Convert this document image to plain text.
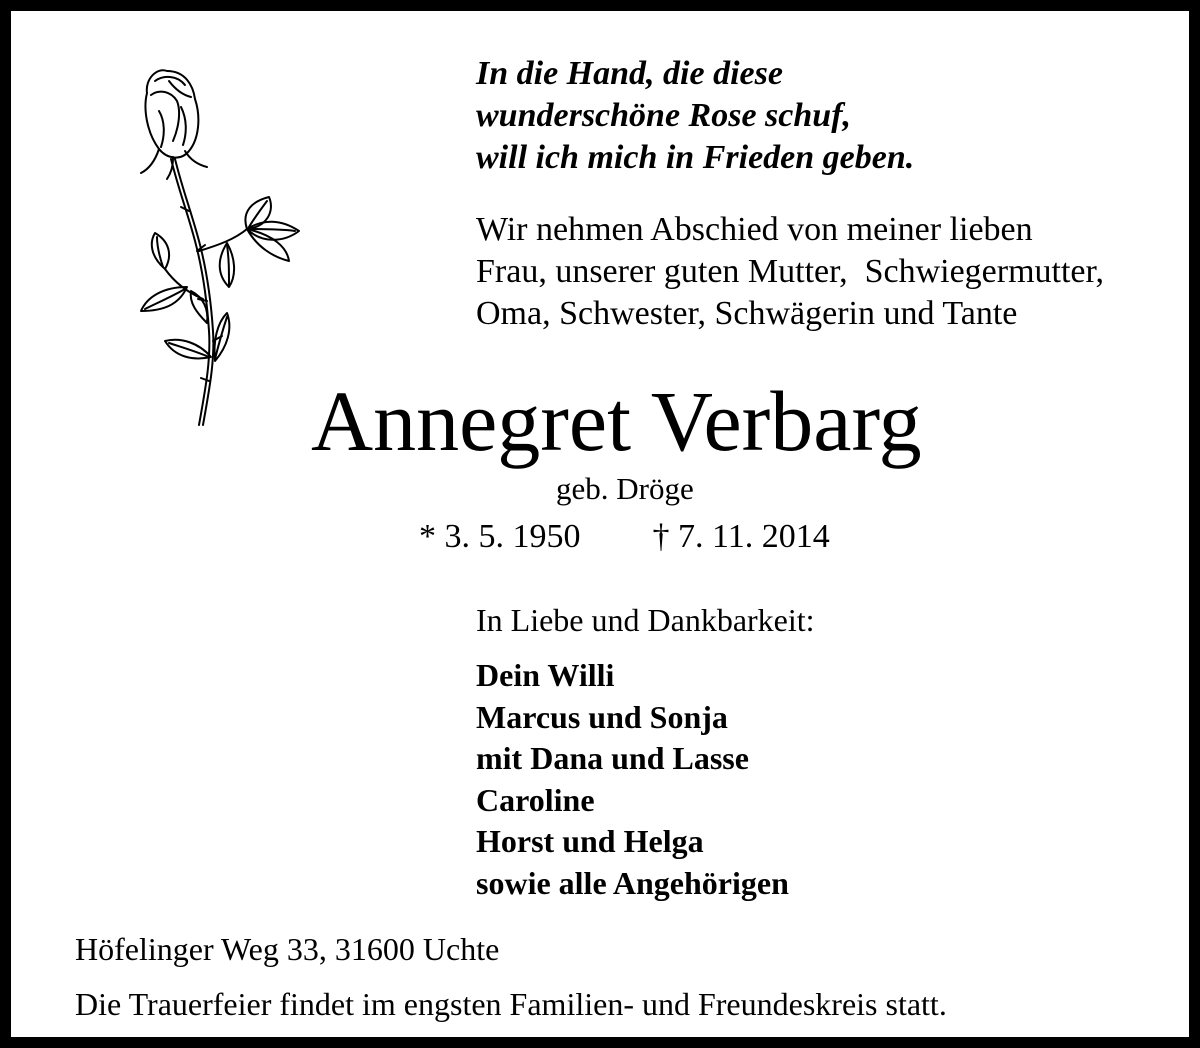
In die Hand, die diese
wunderschöne Rose schuf,
will ich mich in Frieden geben.
Wir nehmen Abschied von meiner lieben
Frau, unserer guten Mutter,  Schwiegermutter,
Oma, Schwester, Schwägerin und Tante
Annegret Verbarg
geb. Dröge
* 3. 5. 1950 † 7. 11. 2014
In Liebe und Dankbarkeit:
Dein Willi
Marcus und Sonja
mit Dana und Lasse
Caroline
Horst und Helga
sowie alle Angehörigen
Höfelinger Weg 33, 31600 Uchte
Die Trauerfeier findet im engsten Familien- und Freundeskreis statt.
